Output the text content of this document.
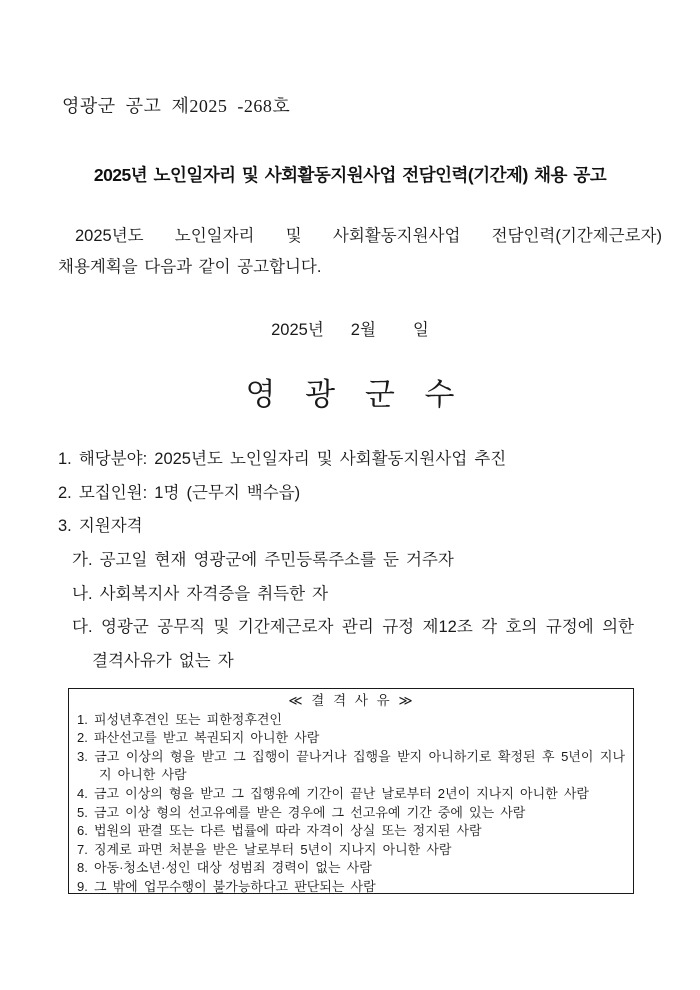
영광군 공고 제2025 -268호
2025년 노인일자리 및 사회활동지원사업 전담인력(기간제) 채용 공고
2025년도 노인일자리 및 사회활동지원사업 전담인력(기간제근로자)
채용계획을 다음과 같이 공고합니다.
2025년 2월 일
영 광 군 수
1. 해당분야: 2025년도 노인일자리 및 사회활동지원사업 추진
2. 모집인원: 1명 (근무지 백수읍)
3. 지원자격
가. 공고일 현재 영광군에 주민등록주소를 둔 거주자
나. 사회복지사 자격증을 취득한 자
다. 영광군 공무직 및 기간제근로자 관리 규정 제12조 각 호의 규정에 의한
결격사유가 없는 자
≪ 결 격 사 유 ≫
1. 피성년후견인 또는 피한정후견인
2. 파산선고를 받고 복권되지 아니한 사람
3. 금고 이상의 형을 받고 그 집행이 끝나거나 집행을 받지 아니하기로 확정된 후 5년이 지나지 아니한 사람
4. 금고 이상의 형을 받고 그 집행유예 기간이 끝난 날로부터 2년이 지나지 아니한 사람
5. 금고 이상 형의 선고유예를 받은 경우에 그 선고유예 기간 중에 있는 사람
6. 법원의 판결 또는 다른 법률에 따라 자격이 상실 또는 정지된 사람
7. 징계로 파면 처분을 받은 날로부터 5년이 지나지 아니한 사람
8. 아동·청소년·성인 대상 성범죄 경력이 없는 사람
9. 그 밖에 업무수행이 불가능하다고 판단되는 사람
